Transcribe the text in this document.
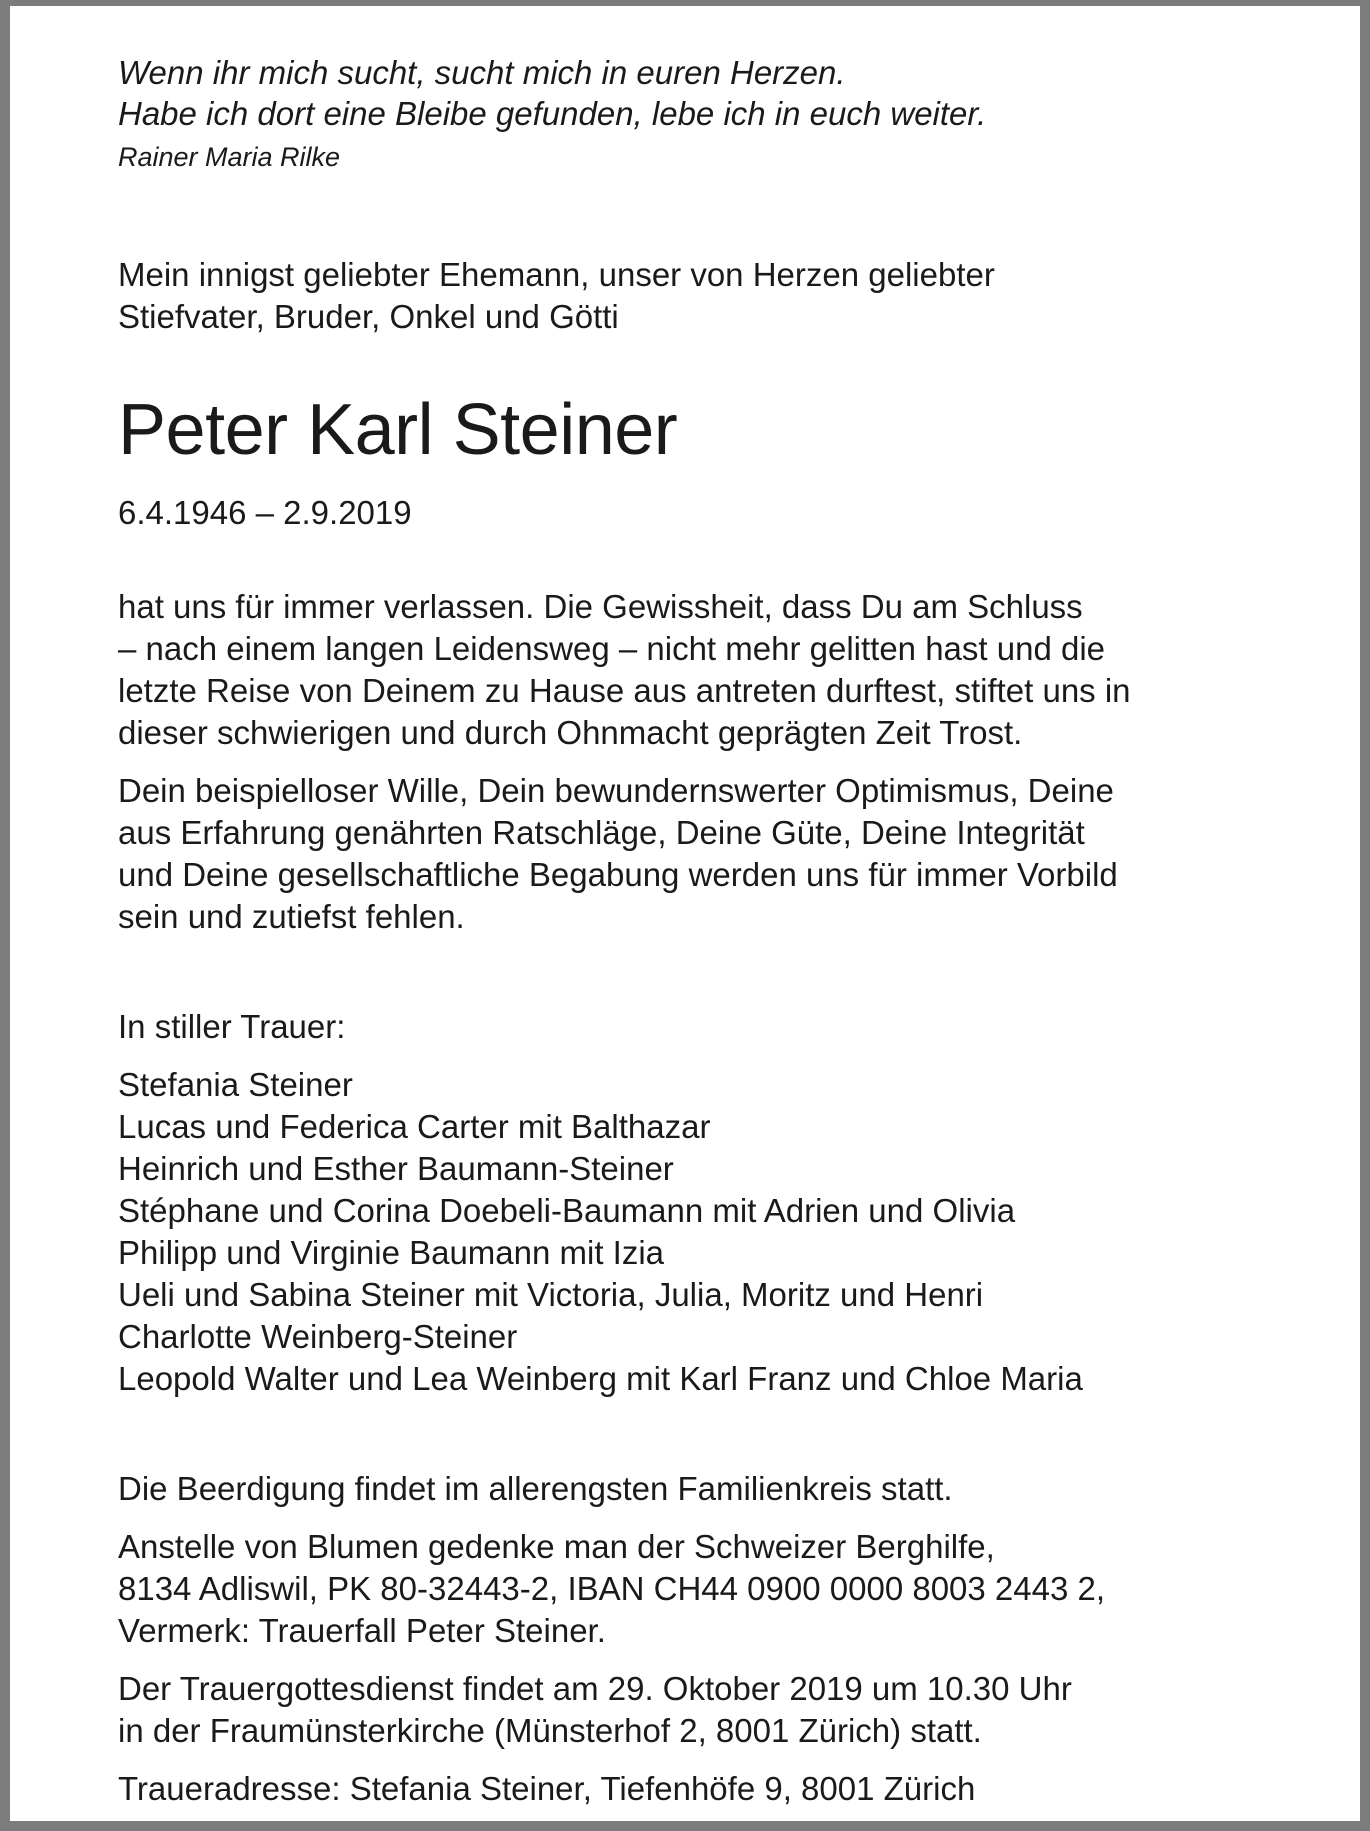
Wenn ihr mich sucht, sucht mich in euren Herzen.
Habe ich dort eine Bleibe gefunden, lebe ich in euch weiter.

Rainer Maria Rilke

Mein innigst geliebter Ehemann, unser von Herzen geliebter
Stiefvater, Bruder, Onkel und Götti

Peter Karl Steiner

6.4.1946 – 2.9.2019

hat uns für immer verlassen. Die Gewissheit, dass Du am Schluss
– nach einem langen Leidensweg – nicht mehr gelitten hast und die
letzte Reise von Deinem zu Hause aus antreten durftest, stiftet uns in
dieser schwierigen und durch Ohnmacht geprägten Zeit Trost.

Dein beispielloser Wille, Dein bewundernswerter Optimismus, Deine
aus Erfahrung genährten Ratschläge, Deine Güte, Deine Integrität
und Deine gesellschaftliche Begabung werden uns für immer Vorbild
sein und zutiefst fehlen.

In stiller Trauer:

Stefania Steiner
Lucas und Federica Carter mit Balthazar
Heinrich und Esther Baumann-Steiner
Stéphane und Corina Doebeli-Baumann mit Adrien und Olivia
Philipp und Virginie Baumann mit Izia
Ueli und Sabina Steiner mit Victoria, Julia, Moritz und Henri
Charlotte Weinberg-Steiner
Leopold Walter und Lea Weinberg mit Karl Franz und Chloe Maria

Die Beerdigung findet im allerengsten Familienkreis statt.

Anstelle von Blumen gedenke man der Schweizer Berghilfe,
8134 Adliswil, PK 80-32443-2, IBAN CH44 0900 0000 8003 2443 2,
Vermerk: Trauerfall Peter Steiner.

Der Trauergottesdienst findet am 29. Oktober 2019 um 10.30 Uhr
in der Fraumünsterkirche (Münsterhof 2, 8001 Zürich) statt.

Traueradresse: Stefania Steiner, Tiefenhöfe 9, 8001 Zürich
